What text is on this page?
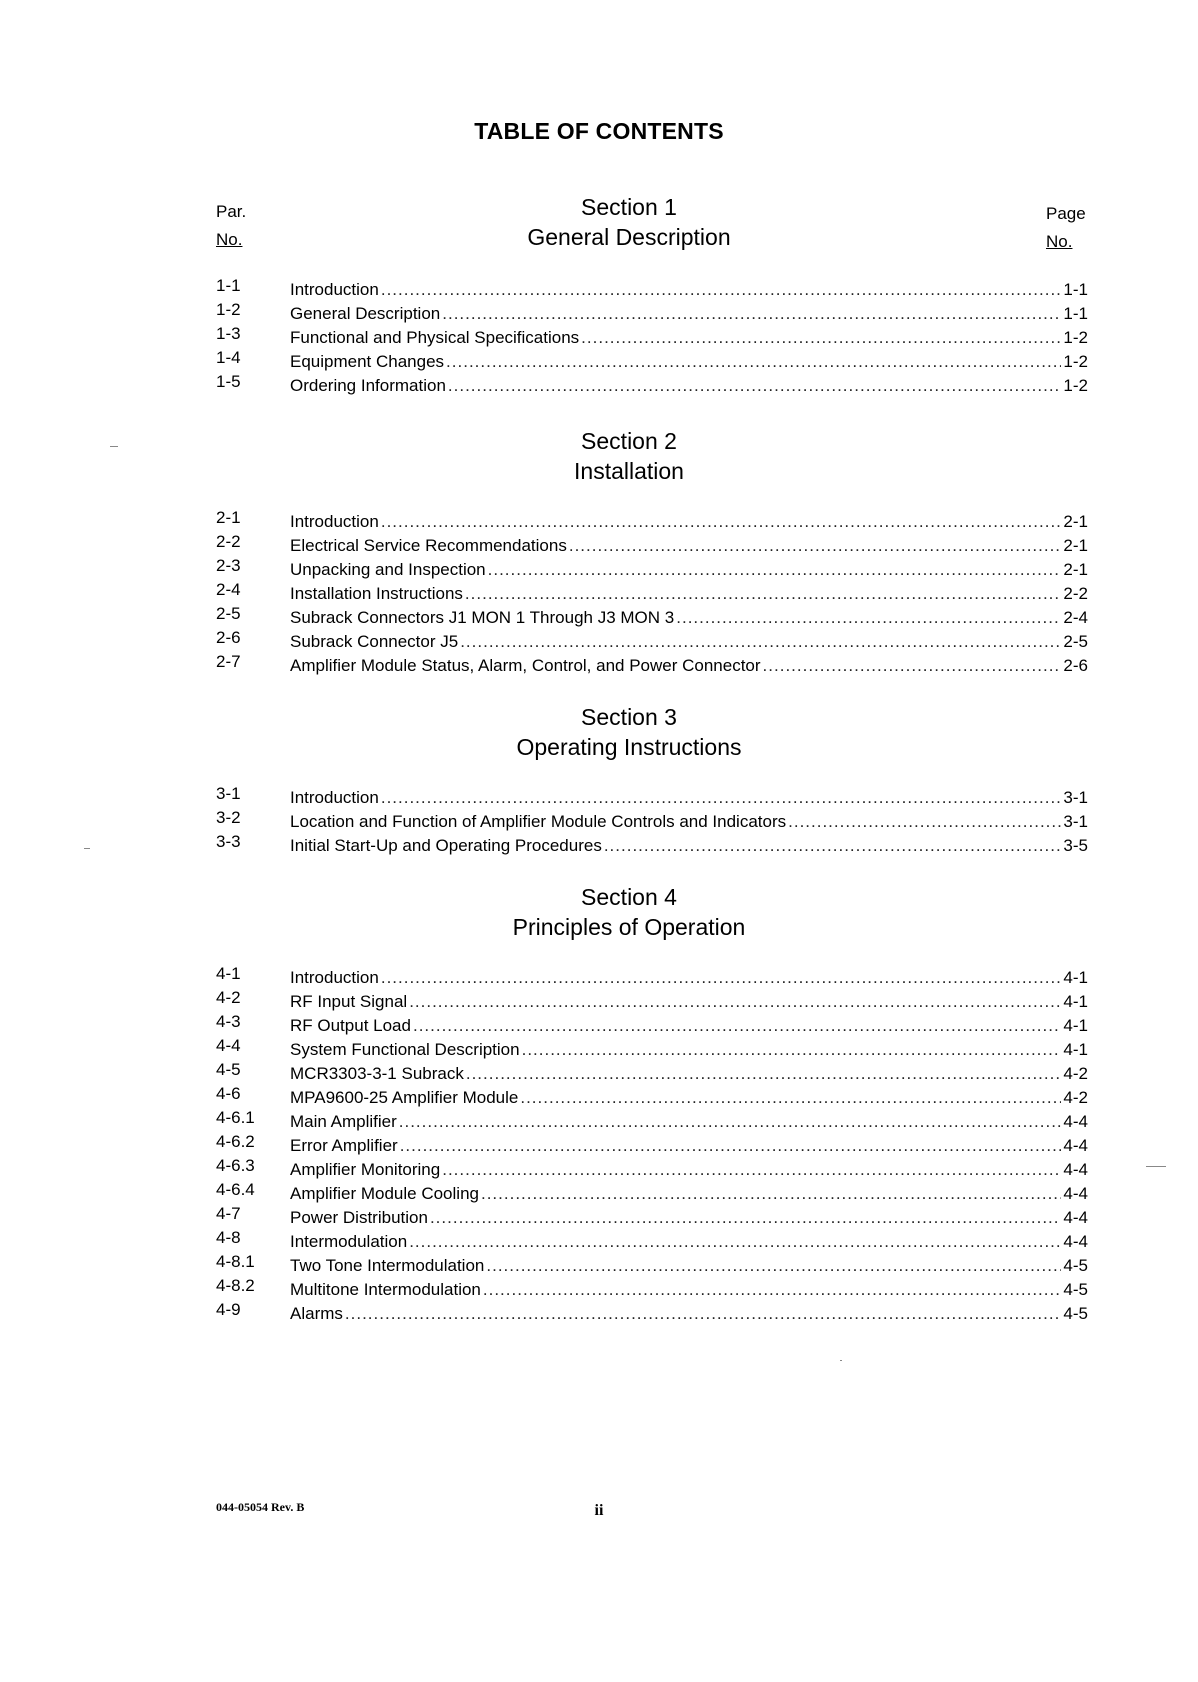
TABLE OF CONTENTS
Par.
No.
Page
No.
Section 1
General Description
1-1	Introduction .....	1-1
1-2	General Description .....	1-1
1-3	Functional and Physical Specifications .....	1-2
1-4	Equipment Changes .....	1-2
1-5	Ordering Information .....	1-2
Section 2
Installation
2-1	Introduction .....	2-1
2-2	Electrical Service Recommendations .....	2-1
2-3	Unpacking and Inspection .....	2-1
2-4	Installation Instructions .....	2-2
2-5	Subrack Connectors J1 MON 1 Through J3 MON 3 .....	2-4
2-6	Subrack Connector J5 .....	2-5
2-7	Amplifier Module Status, Alarm, Control, and Power Connector .....	2-6
Section 3
Operating Instructions
3-1	Introduction .....	3-1
3-2	Location and Function of Amplifier Module Controls and Indicators .....	3-1
3-3	Initial Start-Up and Operating Procedures .....	3-5
Section 4
Principles of Operation
4-1	Introduction .....	4-1
4-2	RF Input Signal .....	4-1
4-3	RF Output Load .....	4-1
4-4	System Functional Description .....	4-1
4-5	MCR3303-3-1 Subrack .....	4-2
4-6	MPA9600-25 Amplifier Module .....	4-2
4-6.1 Main Amplifier .....	4-4
4-6.2 Error Amplifier .....	4-4
4-6.3 Amplifier Monitoring .....	4-4
4-6.4 Amplifier Module Cooling .....	4-4
4-7	Power Distribution .....	4-4
4-8	Intermodulation .....	4-4
4-8.1 Two Tone Intermodulation .....	4-5
4-8.2 Multitone Intermodulation .....	4-5
4-9	Alarms .....	4-5
044-05054 Rev. B	ii
